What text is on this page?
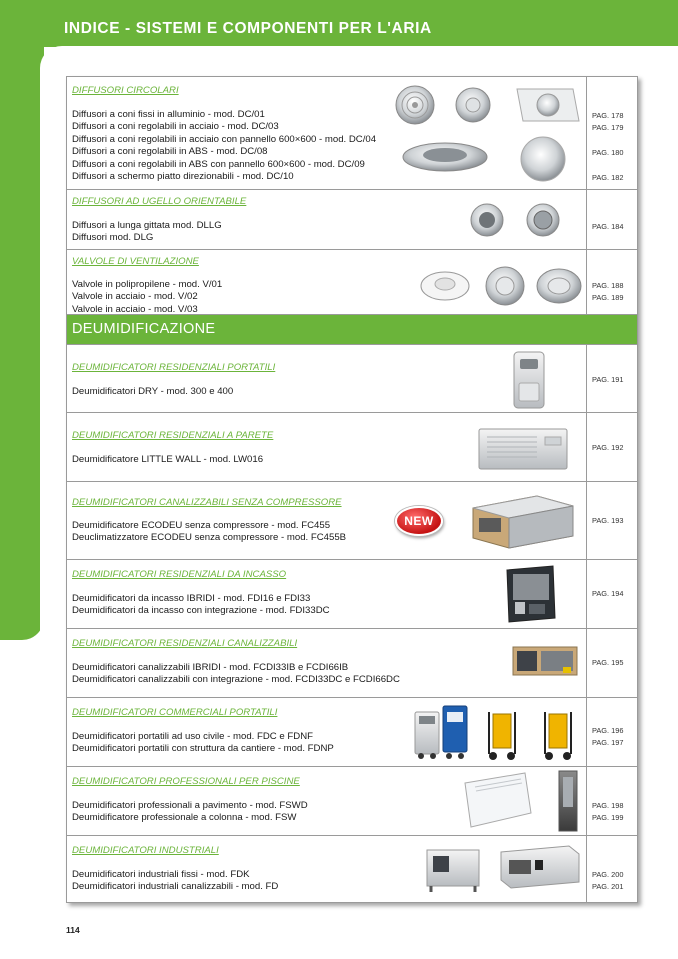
INDICE - SISTEMI E COMPONENTI PER L'ARIA
DIFFUSORI CIRCOLARI
Diffusori a coni fissi in alluminio - mod. DC/01
Diffusori a coni regolabili in acciaio - mod. DC/03
Diffusori a coni regolabili in acciaio con pannello 600×600 - mod. DC/04
Diffusori a coni regolabili in ABS - mod. DC/08
Diffusori a coni regolabili in ABS con pannello 600×600 - mod. DC/09
Diffusori a schermo piatto direzionabili - mod. DC/10
PAG. 178
PAG. 179
PAG. 180
PAG. 182
DIFFUSORI AD UGELLO ORIENTABILE
Diffusori a lunga gittata mod. DLLG
Diffusori mod. DLG
PAG. 184
VALVOLE DI VENTILAZIONE
Valvole in polipropilene - mod. V/01
Valvole in acciaio - mod. V/02
Valvole in acciaio - mod. V/03
PAG. 188
PAG. 189
DEUMIDIFICAZIONE
DEUMIDIFICATORI RESIDENZIALI PORTATILI
Deumidificatori DRY - mod. 300 e 400
PAG. 191
DEUMIDIFICATORI RESIDENZIALI A PARETE
Deumidificatore LITTLE WALL - mod. LW016
PAG. 192
DEUMIDIFICATORI CANALIZZABILI SENZA COMPRESSORE
Deumidificatore ECODEU senza compressore - mod. FC455
Deuclimatizzatore ECODEU senza compressore - mod. FC455B
PAG. 193
NEW
DEUMIDIFICATORI RESIDENZIALI DA INCASSO
Deumidificatori da incasso IBRIDI - mod. FDI16 e FDI33
Deumidificatori da incasso con integrazione - mod. FDI33DC
PAG. 194
DEUMIDIFICATORI RESIDENZIALI CANALIZZABILI
Deumidificatori canalizzabili IBRIDI - mod. FCDI33IB e FCDI66IB
Deumidificatori canalizzabili con integrazione - mod. FCDI33DC e FCDI66DC
PAG. 195
DEUMIDIFICATORI COMMERCIALI PORTATILI
Deumidificatori portatili ad uso civile - mod. FDC e FDNF
Deumidificatori portatili con struttura da cantiere - mod. FDNP
PAG. 196
PAG. 197
DEUMIDIFICATORI PROFESSIONALI PER PISCINE
Deumidificatori professionali a pavimento - mod. FSWD
Deumidificatore professionale a colonna - mod. FSW
PAG. 198
PAG. 199
DEUMIDIFICATORI INDUSTRIALI
Deumidificatori industriali fissi - mod. FDK
Deumidificatori industriali canalizzabili - mod. FD
PAG. 200
PAG. 201
114
